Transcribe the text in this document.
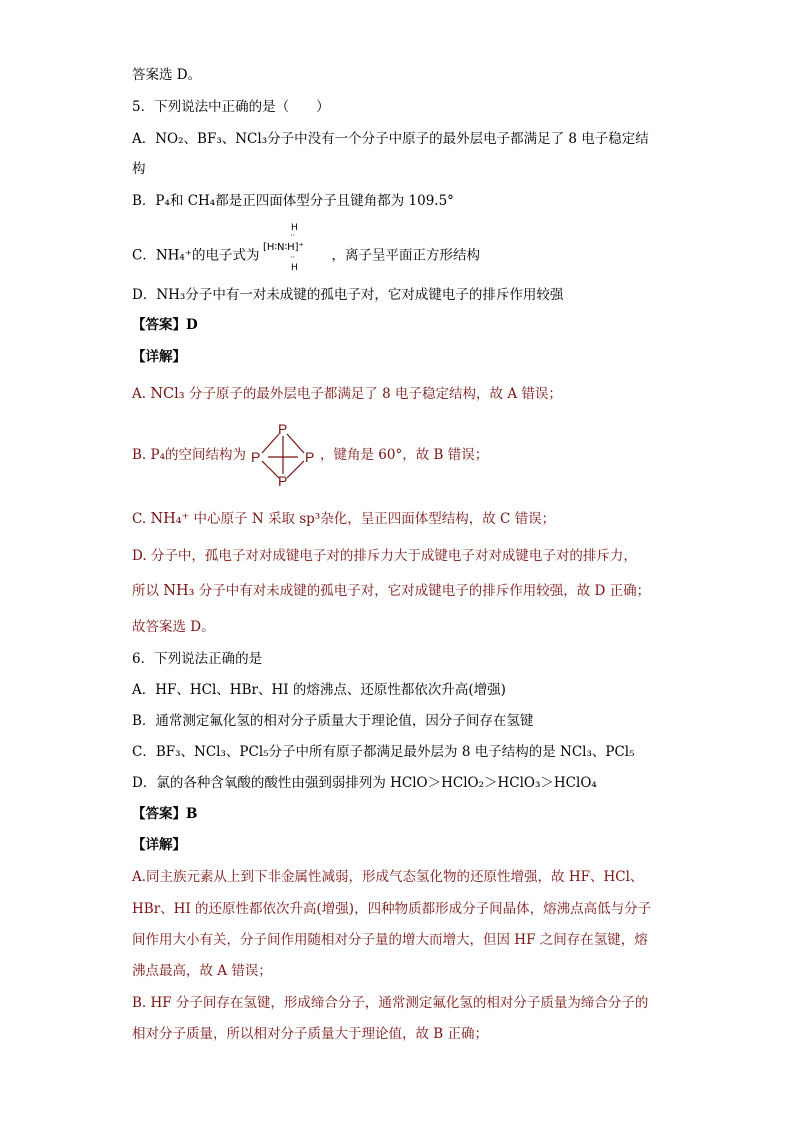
答案选 D。
5．下列说法中正确的是（　　）
A．NO₂、BF₃、NCl₃分子中没有一个分子中原子的最外层电子都满足了 8 电子稳定结
构
B．P₄和 CH₄都是正四面体型分子且键角都为 109.5°
C．NH₄⁺的电子式为
H
··
[H∶N∶H]⁺
··
H
，离子呈平面正方形结构
D．NH₃分子中有一对未成键的孤电子对，它对成键电子的排斥作用较强
【答案】D
【详解】
A. NCl₃ 分子原子的最外层电子都满足了 8 电子稳定结构，故 A 错误；
B. P₄的空间结构为	，键角是 60°，故 B 错误；
P
P	P
P
C. NH₄⁺ 中心原子 N 采取 sp³杂化，呈正四面体型结构，故 C 错误；
D. 分子中，孤电子对对成键电子对的排斥力大于成键电子对对成键电子对的排斥力，
所以 NH₃ 分子中有对未成键的孤电子对，它对成键电子的排斥作用较强，故 D 正确；
故答案选 D。
6．下列说法正确的是
A．HF、HCl、HBr、HI 的熔沸点、还原性都依次升高(增强)
B．通常测定氟化氢的相对分子质量大于理论值，因分子间存在氢键
C．BF₃、NCl₃、PCl₅分子中所有原子都满足最外层为 8 电子结构的是 NCl₃、PCl₅
D．氯的各种含氧酸的酸性由强到弱排列为 HClO＞HClO₂＞HClO₃＞HClO₄
【答案】B
【详解】
A.同主族元素从上到下非金属性减弱，形成气态氢化物的还原性增强，故 HF、HCl、
HBr、HI 的还原性都依次升高(增强)，四种物质都形成分子间晶体，熔沸点高低与分子
间作用大小有关，分子间作用随相对分子量的增大而增大，但因 HF 之间存在氢键，熔
沸点最高，故 A 错误；
B. HF 分子间存在氢键，形成缔合分子，通常测定氟化氢的相对分子质量为缔合分子的
相对分子质量，所以相对分子质量大于理论值，故 B 正确；
